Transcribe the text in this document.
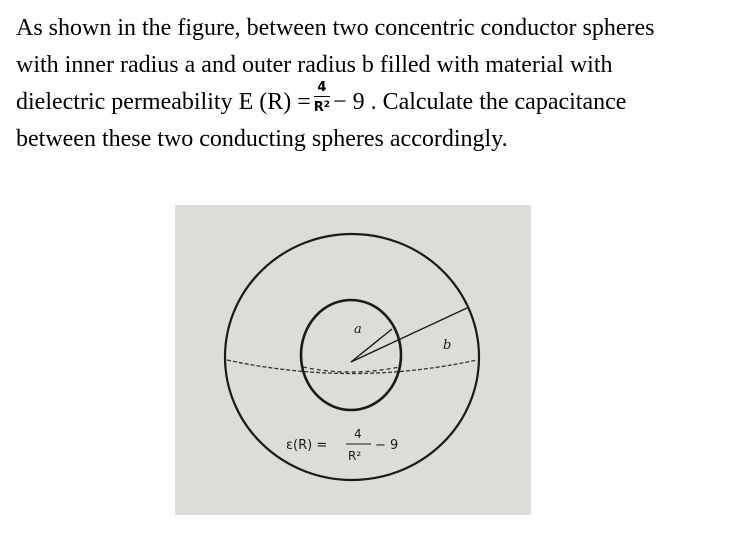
As shown in the figure, between two concentric conductor spheres
with inner radius a and outer radius b filled with material with
dielectric permeability E $(R) = \frac{4}{R^2} - 9$ . Calculate the capacitance
between these two conducting spheres accordingly.
a
b
ε(R) =
4
R²
− 9
